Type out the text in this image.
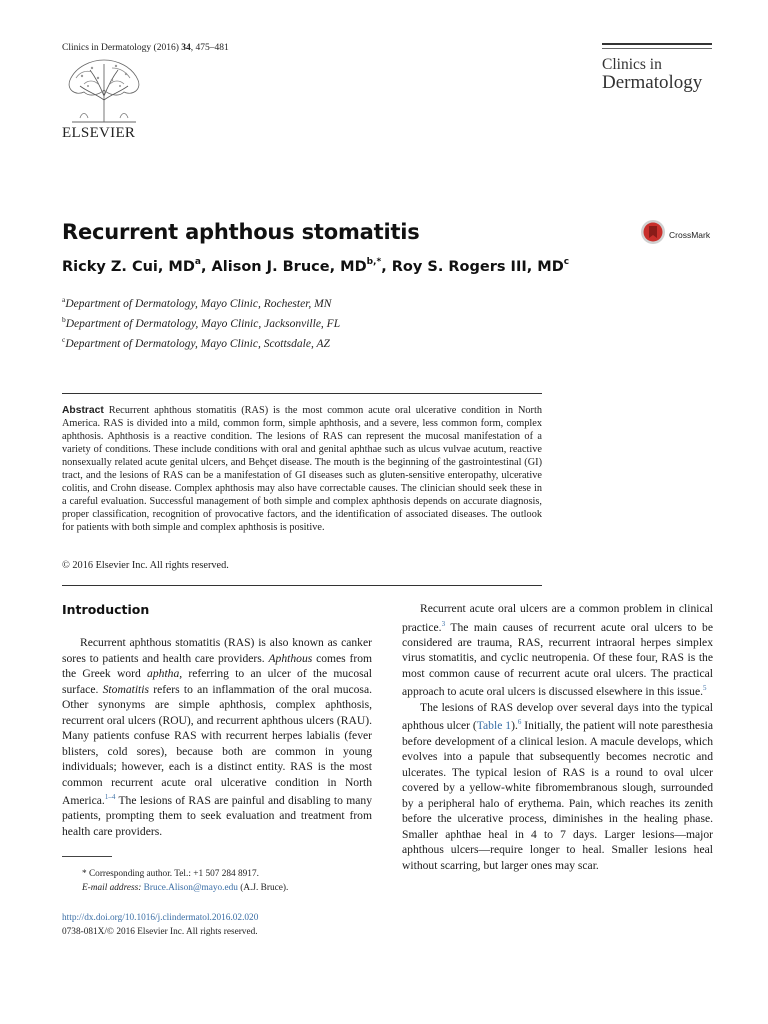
Clinics in Dermatology (2016) 34, 475–481
ELSEVIER
Clinics in
Dermatology
Recurrent aphthous stomatitis	CrossMark
Ricky Z. Cui, $MD^a$, Alison J. Bruce, $MD^{b,*}$, Roy S. Rogers III, $MD^c$
$^a$Department of Dermatology, Mayo Clinic, Rochester, MN
$^b$Department of Dermatology, Mayo Clinic, Jacksonville, FL
$^c$Department of Dermatology, Mayo Clinic, Scottsdale, AZ
Abstract Recurrent aphthous stomatitis (RAS) is the most common acute oral ulcerative condition in North America. RAS is divided into a mild, common form, simple aphthosis, and a severe, less common form, complex aphthosis. Aphthosis is a reactive condition. The lesions of RAS can represent the mucosal manifestation of a variety of conditions. These include conditions with oral and genital aphthae such as ulcus vulvae acutum, reactive nonsexually related acute genital ulcers, and Behçet disease. The mouth is the beginning of the gastrointestinal (GI) tract, and the lesions of RAS can be a manifestation of GI diseases such as gluten-sensitive enteropathy, ulcerative colitis, and Crohn disease. Complex aphthosis may also have correctable causes. The clinician should seek these in a careful evaluation. Successful management of both simple and complex aphthosis depends on accurate diagnosis, proper classification, recognition of provocative factors, and the identification of associated diseases. The outlook for patients with both simple and complex aphthosis is positive.
© 2016 Elsevier Inc. All rights reserved.
Introduction

Recurrent aphthous stomatitis (RAS) is also known as canker sores to patients and health care providers. Aphthous comes from the Greek word aphtha, referring to an ulcer of the mucosal surface. Stomatitis refers to an inflammation of the oral mucosa. Other synonyms are simple aphthosis, complex aphthosis, recurrent oral ulcers (ROU), and recurrent aphthous ulcers (RAU). Many patients confuse RAS with recurrent herpes labialis (fever blisters, cold sores), because both are common in young individuals; however, each is a distinct entity. RAS is the most common recurrent acute oral ulcerative condition in North America.$^{1-4}$ The lesions of RAS are painful and disabling to many patients, prompting them to seek evaluation and treatment from health care providers.

Recurrent acute oral ulcers are a common problem in clinical practice.$^3$ The main causes of recurrent acute oral ulcers to be considered are trauma, RAS, recurrent intraoral herpes simplex virus stomatitis, and cyclic neutropenia. Of these four, RAS is the most common cause of recurrent acute oral ulcers. The practical approach to acute oral ulcers is discussed elsewhere in this issue.$^5$

The lesions of RAS develop over several days into the typical aphthous ulcer (Table 1).$^6$ Initially, the patient will note paresthesia before development of a clinical lesion. A macule develops, which evolves into a papule that subsequently becomes necrotic and ulcerates. The typical lesion of RAS is a round to oval ulcer covered by a yellow-white fibromembranous slough, surrounded by a peripheral halo of erythema. Pain, which reaches its zenith before the ulcerative process, diminishes in the healing phase. Smaller aphthae heal in 4 to 7 days. Larger lesions—major aphthous ulcers—require longer to heal. Smaller lesions heal without scarring, but larger ones may scar.

* Corresponding author. Tel.: +1 507 284 8917.
E-mail address: Bruce.Alison@mayo.edu (A.J. Bruce).
http://dx.doi.org/10.1016/j.clindermatol.2016.02.020
0738-081X/© 2016 Elsevier Inc. All rights reserved.
